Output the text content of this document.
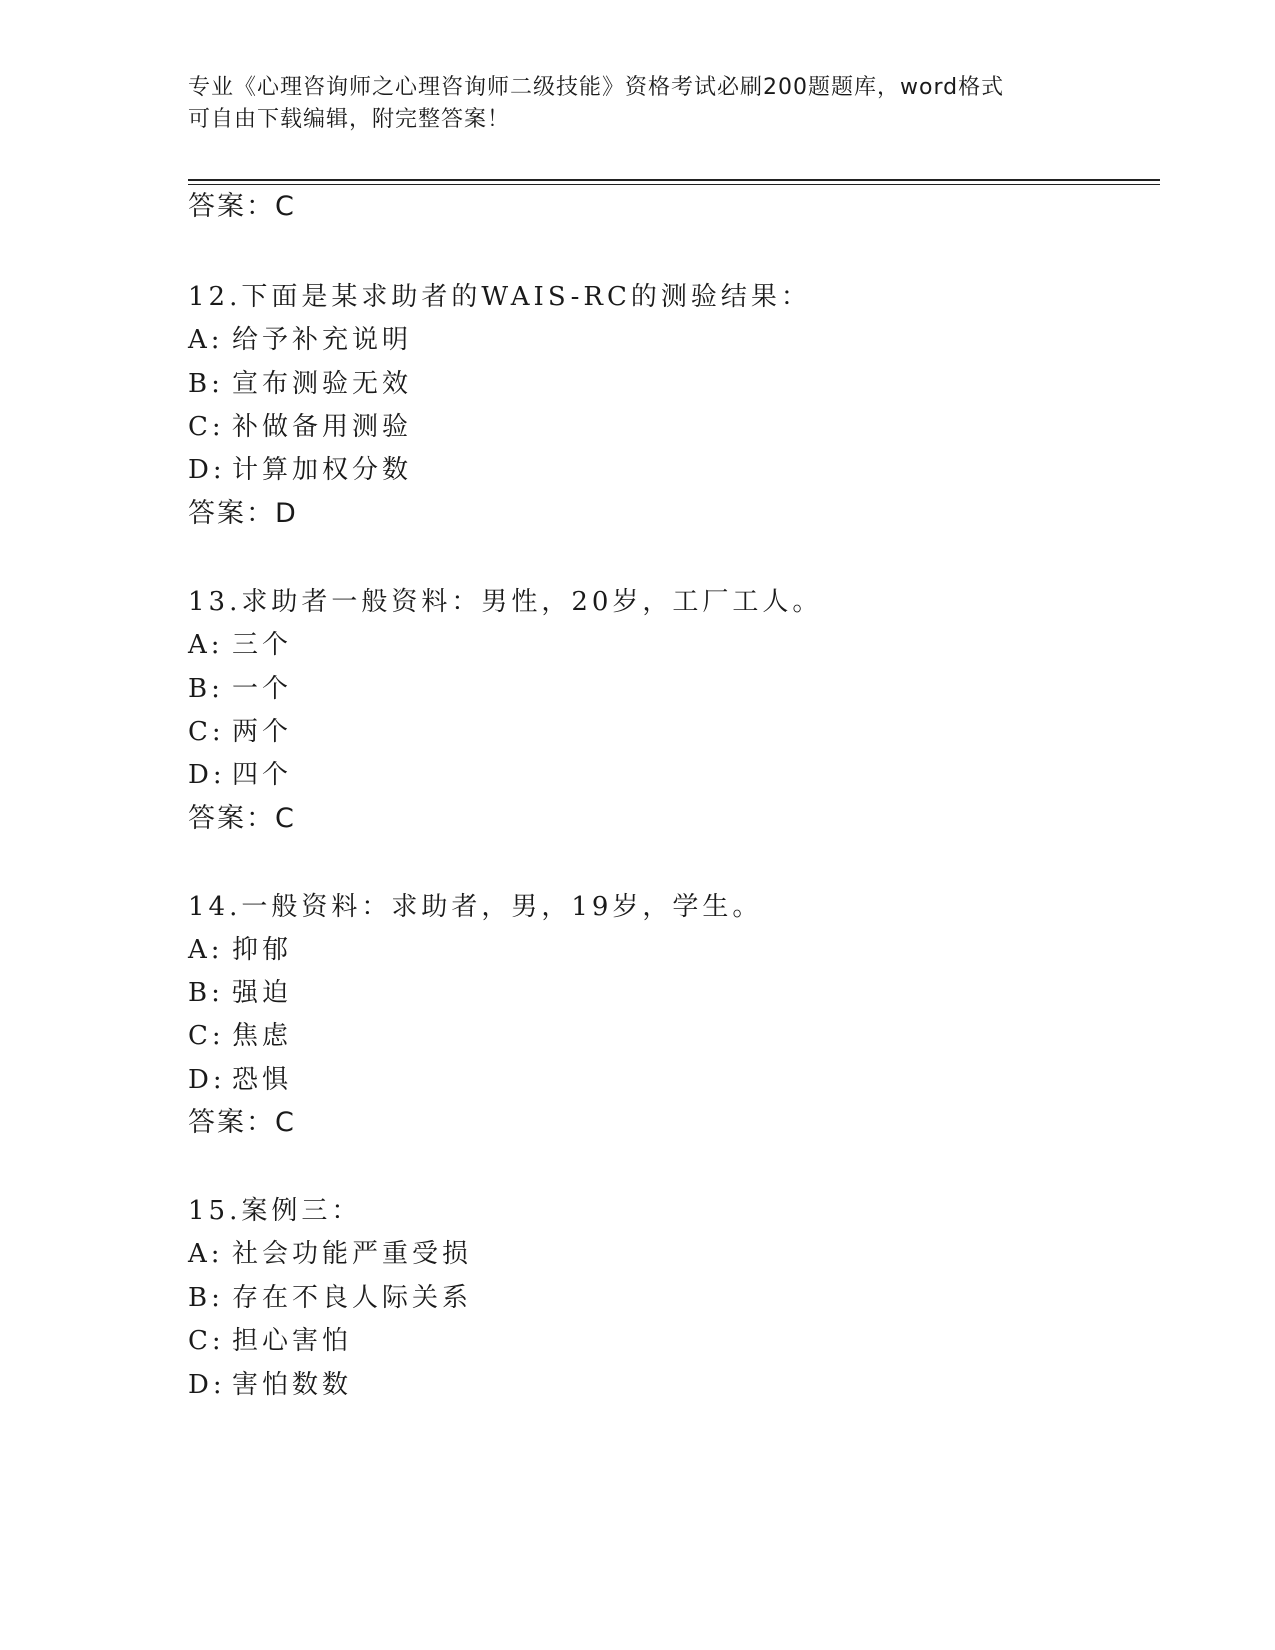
专业《心理咨询师之心理咨询师二级技能》资格考试必刷200题题库，word格式
可自由下载编辑，附完整答案！
答案：C
12.下面是某求助者的WAIS-RC的测验结果：
A: 给予补充说明
B: 宣布测验无效
C: 补做备用测验
D: 计算加权分数
答案：D
13.求助者一般资料：男性，20岁，工厂工人。
A: 三个
B: 一个
C: 两个
D: 四个
答案：C
14.一般资料：求助者，男，19岁，学生。
A: 抑郁
B: 强迫
C: 焦虑
D: 恐惧
答案：C
15.案例三：
A: 社会功能严重受损
B: 存在不良人际关系
C: 担心害怕
D: 害怕数数
